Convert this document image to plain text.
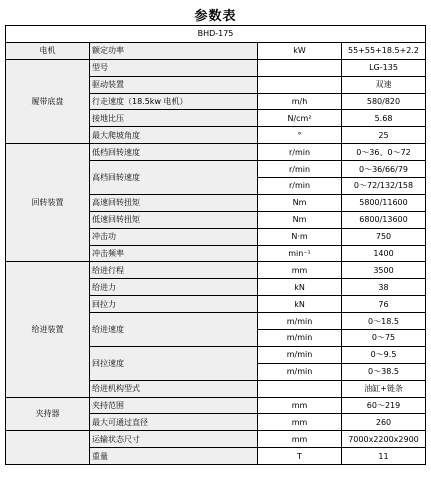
参数表
BHD-175			
电机	额定功率	kW	55+55+18.5+2.2
履带底盘	型号		LG-135
	驱动装置		双速
	行走速度（18.5kw 电机）	m/h	580/820
	接地比压	N/cm²	5.68
	最大爬坡角度	°	25
回转装置	低档回转速度	r/min	0～36、0～72
	高档回转速度	r/min	0～36/66/79
		r/min	0～72/132/158
	高速回转扭矩	Nm	5800/11600
	低速回转扭矩	Nm	6800/13600
	冲击功	N·m	750
	冲击频率	min⁻¹	1400
给进装置	给进行程	mm	3500
	给进力	kN	38
	回拉力	kN	76
	给进速度	m/min	0～18.5
		m/min	0～75
	回拉速度	m/min	0～9.5
		m/min	0～38.5
	给进机构型式		油缸+链条
夹持器	夹持范围	mm	60～219
	最大可通过直径	mm	260
	运输状态尺寸	mm	7000x2200x2900
	重量	T	11
